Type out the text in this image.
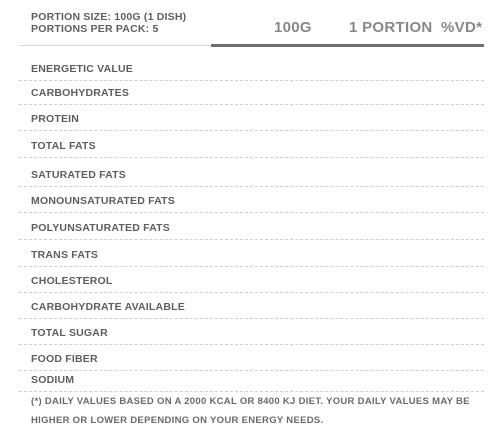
PORTION SIZE: 100G (1 DISH)
PORTIONS PER PACK: 5	100G 1 PORTION %VD*
ENERGETIC VALUE
CARBOHYDRATES
PROTEIN
TOTAL FATS
SATURATED FATS
MONOUNSATURATED FATS
POLYUNSATURATED FATS
TRANS FATS
CHOLESTEROL
CARBOHYDRATE AVAILABLE
TOTAL SUGAR
FOOD FIBER
SODIUM
(*) DAILY VALUES BASED ON A 2000 KCAL OR 8400 KJ DIET. YOUR DAILY VALUES MAY BE HIGHER OR LOWER DEPENDING ON YOUR ENERGY NEEDS.
